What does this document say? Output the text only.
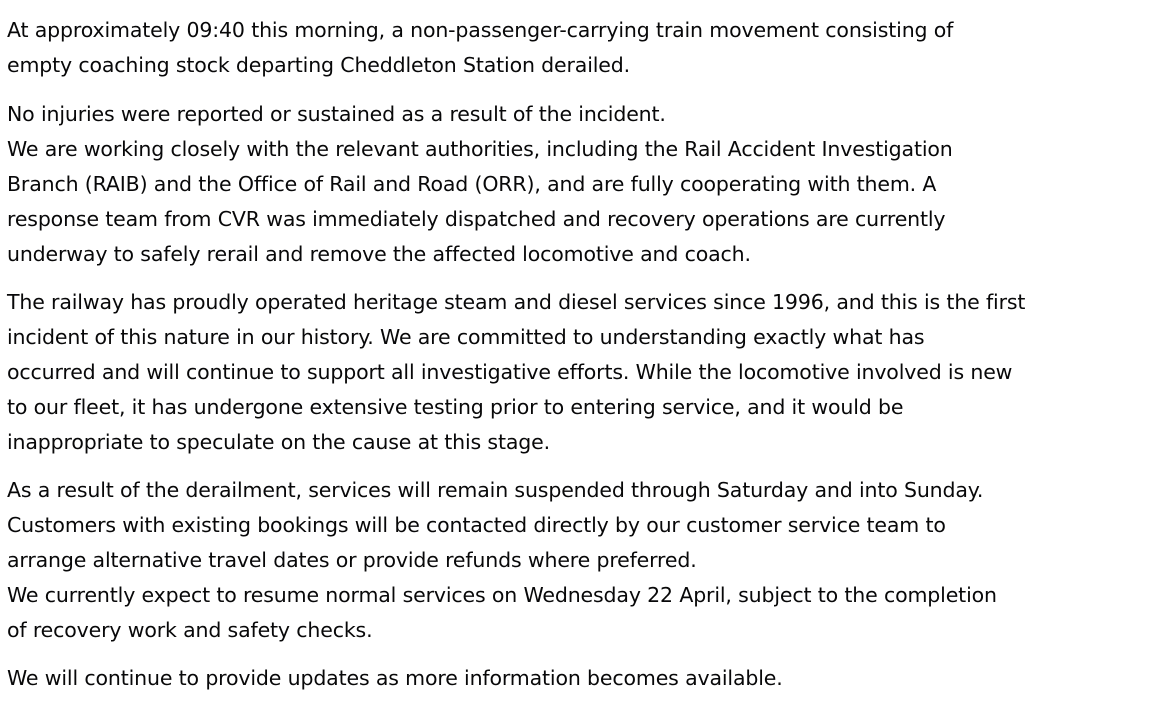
At approximately 09:40 this morning, a non-passenger-carrying train movement consisting of
empty coaching stock departing Cheddleton Station derailed.
No injuries were reported or sustained as a result of the incident.
We are working closely with the relevant authorities, including the Rail Accident Investigation
Branch (RAIB) and the Office of Rail and Road (ORR), and are fully cooperating with them. A
response team from CVR was immediately dispatched and recovery operations are currently
underway to safely rerail and remove the affected locomotive and coach.
The railway has proudly operated heritage steam and diesel services since 1996, and this is the first
incident of this nature in our history. We are committed to understanding exactly what has
occurred and will continue to support all investigative efforts. While the locomotive involved is new
to our fleet, it has undergone extensive testing prior to entering service, and it would be
inappropriate to speculate on the cause at this stage.
As a result of the derailment, services will remain suspended through Saturday and into Sunday.
Customers with existing bookings will be contacted directly by our customer service team to
arrange alternative travel dates or provide refunds where preferred.
We currently expect to resume normal services on Wednesday 22 April, subject to the completion
of recovery work and safety checks.
We will continue to provide updates as more information becomes available.
